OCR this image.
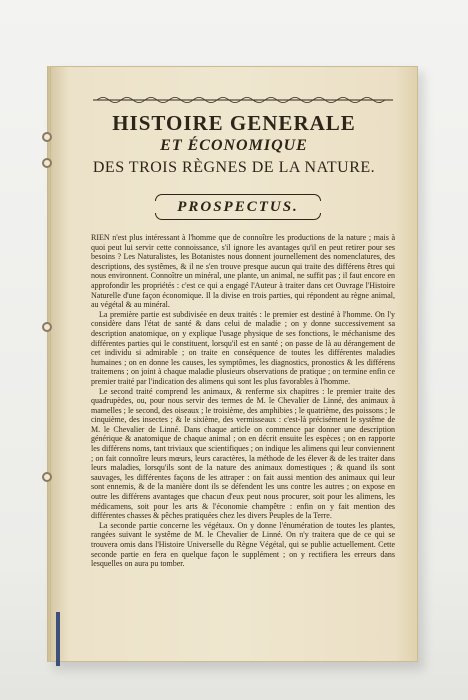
HISTOIRE GENERALE
ET ÉCONOMIQUE
DES TROIS RÈGNES DE LA NATURE.
PROSPECTUS.

RIEN n'est plus intéressant à l'homme que de connoître les productions de la nature ; mais à quoi peut lui servir cette connoissance, s'il ignore les avantages qu'il en peut retirer pour ses besoins ? Les Naturalistes, les Botanistes nous donnent journellement des nomenclatures, des descriptions, des systêmes, & il ne s'en trouve presque aucun qui traite des différens êtres qui nous environnent. Connoître un minéral, une plante, un animal, ne suffit pas ; il faut encore en approfondir les propriétés : c'est ce qui a engagé l'Auteur à traiter dans cet Ouvrage l'Histoire Naturelle d'une façon économique. Il la divise en trois parties, qui répondent au règne animal, au végétal & au minéral.

La première partie est subdivisée en deux traités : le premier est destiné à l'homme. On l'y considère dans l'état de santé & dans celui de maladie ; on y donne successivement sa description anatomique, on y explique l'usage physique de ses fonctions, le méchanisme des différentes parties qui le constituent, lorsqu'il est en santé ; on passe de là au dérangement de cet individu si admirable ; on traite en conséquence de toutes les différentes maladies humaines ; on en donne les causes, les symptômes, les diagnostics, pronostics & les différens traitemens ; on joint à chaque maladie plusieurs observations de pratique ; on termine enfin ce premier traité par l'indication des alimens qui sont les plus favorables à l'homme.

Le second traité comprend les animaux, & renferme six chapitres : le premier traite des quadrupèdes, ou, pour nous servir des termes de M. le Chevalier de Linné, des animaux à mamelles ; le second, des oiseaux ; le troisième, des amphibies ; le quatrième, des poissons ; le cinquième, des insectes ; & le sixième, des vermisseaux : c'est-là précisément le systême de M. le Chevalier de Linné. Dans chaque article on commence par donner une description générique & anatomique de chaque animal ; on en décrit ensuite les espèces ; on en rapporte les différens noms, tant triviaux que scientifiques ; on indique les alimens qui leur conviennent ; on fait connoître leurs mœurs, leurs caractères, la méthode de les élever & de les traiter dans leurs maladies, lorsqu'ils sont de la nature des animaux domestiques ; & quand ils sont sauvages, les différentes façons de les attraper : on fait aussi mention des animaux qui leur sont ennemis, & de la manière dont ils se défendent les uns contre les autres ; on expose en outre les différens avantages que chacun d'eux peut nous procurer, soit pour les alimens, les médicamens, soit pour les arts & l'économie champêtre : enfin on y fait mention des différentes chasses & pêches pratiquées chez les divers Peuples de la Terre.

La seconde partie concerne les végétaux. On y donne l'énumération de toutes les plantes, rangées suivant le systême de M. le Chevalier de Linné. On n'y traitera que de ce qui se trouvera omis dans l'Histoire Universelle du Règne Végétal, qui se publie actuellement. Cette seconde partie en fera en quelque façon le supplément ; on y rectifiera les erreurs dans lesquelles on aura pu tomber.
